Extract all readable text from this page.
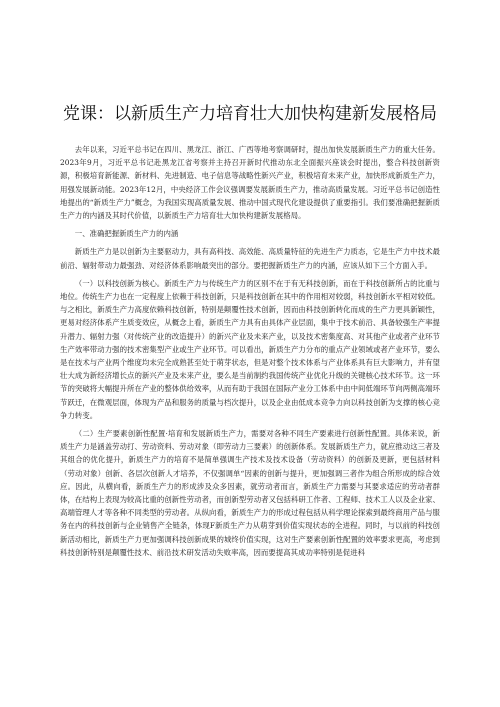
党课：以新质生产力培育壮大加快构建新发展格局

去年以来，习近平总书记在四川、黑龙江、浙江、广西等地考察调研时，提出加快发展新质生产力的重大任务。2023年9月，习近平总书记赴黑龙江省考察并主持召开新时代推动东北全面振兴座谈会时提出，整合科技创新资源，积极培育新能源、新材料、先进制造、电子信息等战略性新兴产业，积极培育未来产业，加快形成新质生产力，用强发展新动能。2023年12月，中央经济工作会议强调要发展新质生产力，推动高质量发展。习近平总书记创造性地提出的“新质生产力”概念，为我国实现高质量发展、推动中国式现代化建设提供了重要指引。我们要准确把握新质生产力的内涵及其时代价值，以新质生产力培育壮大加快构建新发展格局。

一、准确把握新质生产力的内涵

新质生产力是以创新为主要驱动力，具有高科技、高效能、高质量特征的先进生产力质态，它是生产力中技术最前沿、辐射带动力最强劲、对经济体系影响最突出的部分。要把握新质生产力的内涵，应该从如下三个方面入手。

（一）以科技创新为核心。新质生产力与传统生产力的区别不在于有无科技创新，而在于科技创新所占的比重与地位。传统生产力也在一定程度上依赖于科技创新，只是科技创新在其中的作用相对较弱，科技创新水平相对较低。与之相比，新质生产力高度依赖科技创新，特别是颠覆性技术创新，因而由科技创新转化而成的生产力更具新颖性，更易对经济体系产生质变效应，从概念上看，新质生产力具有由具体产业层面，集中于技术前沿、具备较强生产率提升潜力、辐射力强（对传统产业的改造提升）的新兴产业及未来产业，以及技术密集度高、对其他产业或者产业环节生产效率带动力强的技术密集型产业或生产业环节。可以看出，新质生产力分布的重点产业领域或者产业环节，要么是在技术与产业两个维度均未完全成熟甚至处于萌芽状态，但是对整个技术体系与产业体系具有巨大影响力，并有望壮大成为新经济增长点的新兴产业及未来产业，要么是当前制约我国传统产业优化升级的关键核心技术环节。这一环节的突破将大幅提升所在产业的整体供给效率，从而有助于我国在国际产业分工体系中由中间低端环节向两侧高端环节跃迁，在微观层面，体现为产品和服务的质量与档次提升，以及企业由低成本竞争力向以科技创新为支撑的核心竞争力转变。

（二）生产要素创新性配置·培育和发展新质生产力，需要对各种不同生产要素进行创新性配置。具体来说，新质生产力是涵盖劳动打、劳动资料、劳动对象（即劳动力三要素）的创新体系。发展新质生产力，就应推动这三者及其组合的优化提升，新质生产力的培育不是简单强调生产技术及技术设备（劳动资料）的创新及更新，更包括材料（劳动对象）创新、各层次创新人才培养，不仅强调单“因素的创新与提升，更加强调三者作为组合所形成的综合效应。因此，从横向看，新质生产力的形成涉及众多因素，就劳动者而言，新质生产力需要与其要求适应的劳动者群体，在结构上表现为较高比重的创新性劳动者，而创新型劳动者又包括科研工作者、工程师、技术工人以及企业家、高端管理人才等各种不同类型的劳动者。从纵向看，新质生产力的形成过程包括从科学理论探索到最终商用产品与服务在内的科技创新与企业销售产全链条，体现F新质生产力从萌芽到价值实现状态的全进程。同时，与以前的科技创新活动相比，新质生产力更加强调科技创新成果的城终价值实现，这对生产要素创新性配置的效率要求更高，考虑到科技创新特别是颠覆性技术、前沿技术研发活动失败率高，因而要提高其成功率特别是促进科
